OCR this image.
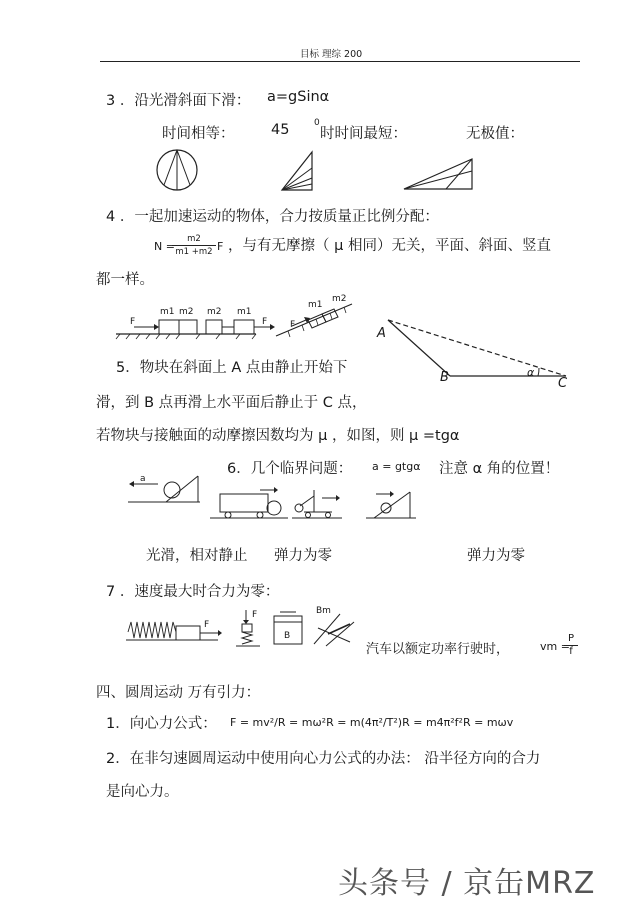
目标 理综 200
3 ．沿光滑斜面下滑： a=gSinα
时间相等：	45	0
时时间最短：	无极值：
4 ．一起加速运动的物体，合力按质量正比例分配：
N =
m2
m1 +m2 F ，与有无摩擦（ μ 相同）无关，平面、斜面、竖直
都一样。
F
m1 m2 m2 m1
F	F
m1
m2
5．物块在斜面上 A 点由静止开始下
滑，到 B 点再滑上水平面后静止于 C 点，
若物块与接触面的动摩擦因数均为 μ ，如图，则 μ =tgα
A
B	C
α
6．几个临界问题： a = gtgα 注意 α 角的位置！
a
光滑，相对静止 弹力为零	弹力为零
7 ．速度最大时合力为零：
F
F
B
Bm
汽车以额定功率行驶时，	vm =
P
f
四、圆周运动 万有引力：
1．向心力公式： F = mv²/R = mω²R = m(4π²/T²)R = m4π²f²R = mωv
2．在非匀速圆周运动中使用向心力公式的办法： 沿半径方向的合力
是向心力。
头条号 / 京缶MRZ
